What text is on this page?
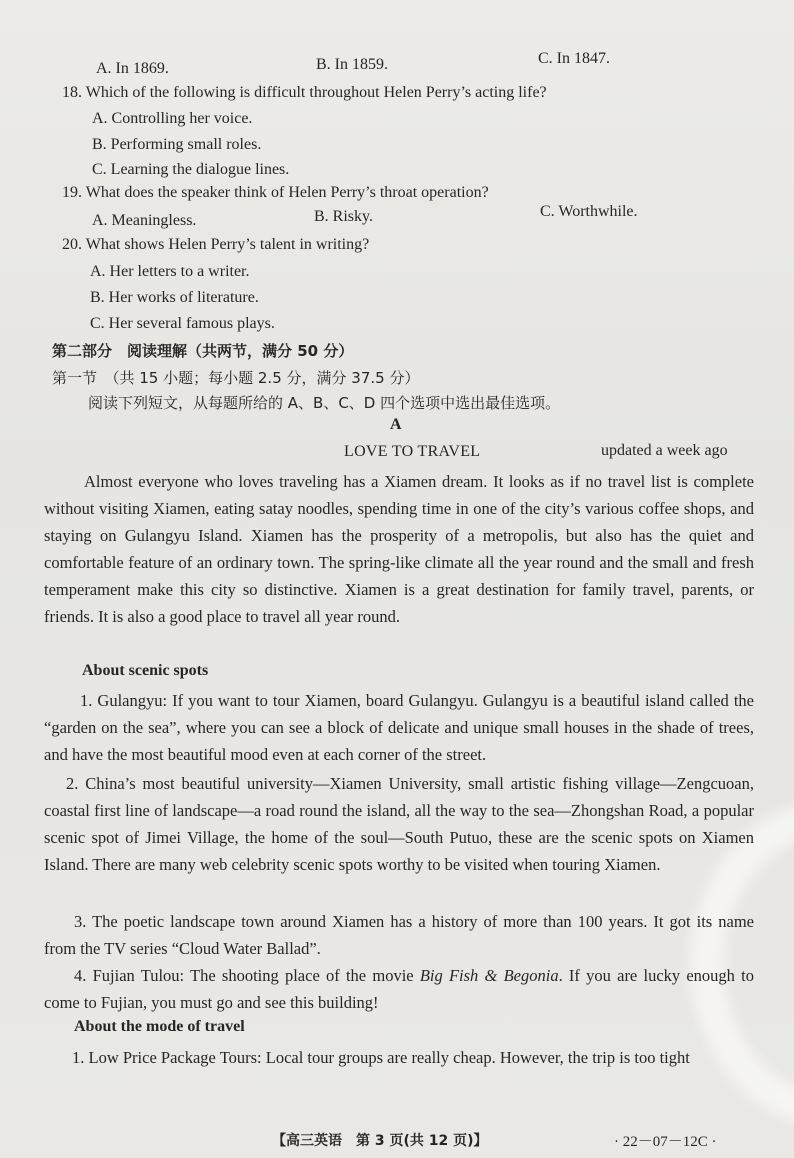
A. In 1869.	B. In 1859.	C. In 1847.
18. Which of the following is difficult throughout Helen Perry’s acting life?
A. Controlling her voice.
B. Performing small roles.
C. Learning the dialogue lines.
19. What does the speaker think of Helen Perry’s throat operation?
A. Meaningless.	B. Risky.	C. Worthwhile.
20. What shows Helen Perry’s talent in writing?
A. Her letters to a writer.
B. Her works of literature.
C. Her several famous plays.
第二部分　阅读理解（共两节，满分 50 分）
第一节　（共 15 小题；每小题 2.5 分，满分 37.5 分）
阅读下列短文，从每题所给的 A、B、C、D 四个选项中选出最佳选项。
A
LOVE TO TRAVEL	updated a week ago
Almost everyone who loves traveling has a Xiamen dream. It looks as if no travel list is complete without visiting Xiamen, eating satay noodles, spending time in one of the city’s various coffee shops, and staying on Gulangyu Island. Xiamen has the prosperity of a metropolis, but also has the quiet and comfortable feature of an ordinary town. The spring-like climate all the year round and the small and fresh temperament make this city so distinctive. Xiamen is a great destination for family travel, parents, or friends. It is also a good place to travel all year round.
About scenic spots
1. Gulangyu: If you want to tour Xiamen, board Gulangyu. Gulangyu is a beautiful island called the “garden on the sea”, where you can see a block of delicate and unique small houses in the shade of trees, and have the most beautiful mood even at each corner of the street.
2. China’s most beautiful university—Xiamen University, small artistic fishing village—Zengcuoan, coastal first line of landscape—a road round the island, all the way to the sea—Zhongshan Road, a popular scenic spot of Jimei Village, the home of the soul—South Putuo, these are the scenic spots on Xiamen Island. There are many web celebrity scenic spots worthy to be visited when touring Xiamen.
3. The poetic landscape town around Xiamen has a history of more than 100 years. It got its name from the TV series “Cloud Water Ballad”.
4. Fujian Tulou: The shooting place of the movie Big Fish & Begonia. If you are lucky enough to come to Fujian, you must go and see this building!
About the mode of travel
1. Low Price Package Tours: Local tour groups are really cheap. However, the trip is too tight
【高三英语　第 3 页(共 12 页)】	· 22－07－12C ·
